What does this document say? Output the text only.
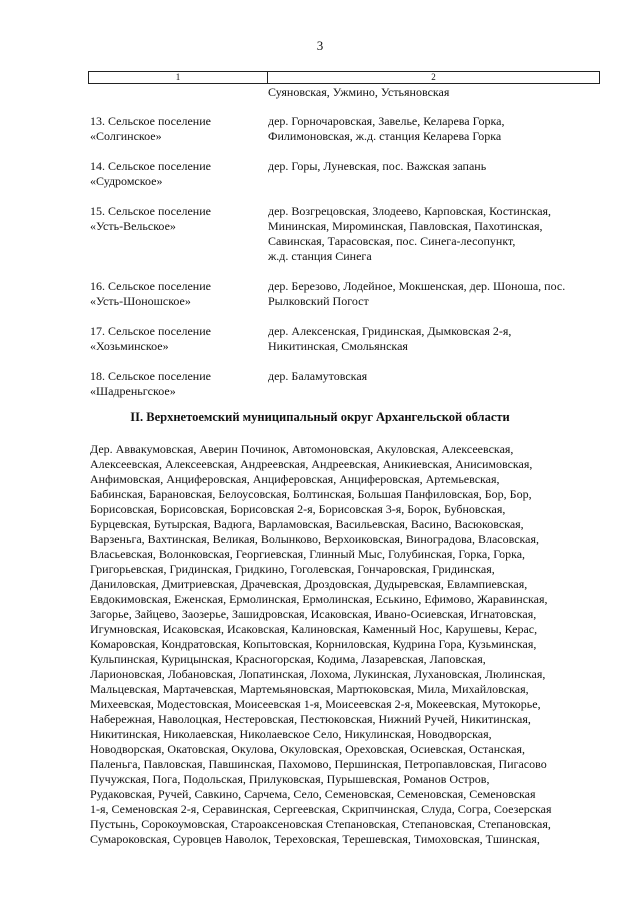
3
1	2
Суяновская, Ужмино, Устьяновская
13. Сельское поселение
«Солгинское»
дер. Горночаровская, Завелье, Келарева Горка,
Филимоновская, ж.д. станция Келарева Горка
14. Сельское поселение
«Судромское»
дер. Горы, Луневская, пос. Важская запань
15. Сельское поселение
«Усть-Вельское»
дер. Возгрецовская, Злодеево, Карповская, Костинская,
Мининская, Мироминская, Павловская, Пахотинская,
Савинская, Тарасовская, пос. Синега-лесопункт,
ж.д. станция Синега
16. Сельское поселение
«Усть-Шоношское»
дер. Березово, Лодейное, Мокшенская, дер. Шоноша, пос.
Рылковский Погост
17. Сельское поселение
«Хозьминское»
дер. Алексенская, Гридинская, Дымковская 2-я,
Никитинская, Смольянская
18. Сельское поселение
«Шадреньгское»
дер. Баламутовская
II. Верхнетоемский муниципальный округ Архангельской области
Дер. Аввакумовская, Аверин Починок, Автомоновская, Акуловская, Алексеевская,
Алексеевская, Алексеевская, Андреевская, Андреевская, Аникиевская, Анисимовская,
Анфимовская, Анциферовская, Анциферовская, Анциферовская, Артемьевская,
Бабинская, Барановская, Белоусовская, Болтинская, Большая Панфиловская, Бор, Бор,
Борисовская, Борисовская, Борисовская 2-я, Борисовская 3-я, Борок, Бубновская,
Бурцевская, Бутырская, Вадюга, Варламовская, Васильевская, Васино, Васюковская,
Варзеньга, Вахтинская, Великая, Волынково, Верхоиковская, Виноградова, Власовская,
Власьевская, Волонковская, Георгиевская, Глинный Мыс, Голубинская, Горка, Горка,
Григорьевская, Гридинская, Гридкино, Гоголевская, Гончаровская, Гридинская,
Даниловская, Дмитриевская, Драчевская, Дроздовская, Дудыревская, Евлампиевская,
Евдокимовская, Еженская, Ермолинская, Ермолинская, Еськино, Ефимово, Жаравинская,
Загорье, Зайцево, Заозерье, Зашидровская, Исаковская, Ивано-Осиевская, Игнатовская,
Игумновская, Исаковская, Исаковская, Калиновская, Каменный Нос, Карушевы, Керас,
Комаровская, Кондратовская, Копытовская, Корниловская, Кудрина Гора, Кузьминская,
Кульпинская, Курицынская, Красногорская, Кодима, Лазаревская, Лаповская,
Ларионовская, Лобановская, Лопатинская, Лохома, Лукинская, Лухановская, Люлинская,
Мальцевская, Мартачевская, Мартемьяновская, Мартюковская, Мила, Михайловская,
Михеевская, Модестовская, Моисеевская 1-я, Моисеевская 2-я, Мокеевская, Мутокорье,
Набережная, Наволоцкая, Нестеровская, Пестюковская, Нижний Ручей, Никитинская,
Никитинская, Николаевская, Николаевское Село, Никулинская, Новодворская,
Новодворская, Окатовская, Окулова, Окуловская, Ореховская, Осиевская, Останская,
Паленьга, Павловская, Павшинская, Пахомово, Першинская, Петропавловская, Пигасово
Пучужская, Пога, Подольская, Прилуковская, Пурышевская, Романов Остров,
Рудаковская, Ручей, Савкино, Сарчема, Село, Семеновская, Семеновская, Семеновская
1-я, Семеновская 2-я, Серавинская, Сергеевская, Скрипчинская, Слуда, Согра, Соезерская
Пустынь, Сорокоумовская, Староаксеновская Степановская, Степановская, Степановская,
Сумароковская, Суровцев Наволок, Тереховская, Терешевская, Тимоховская, Тшинская,
